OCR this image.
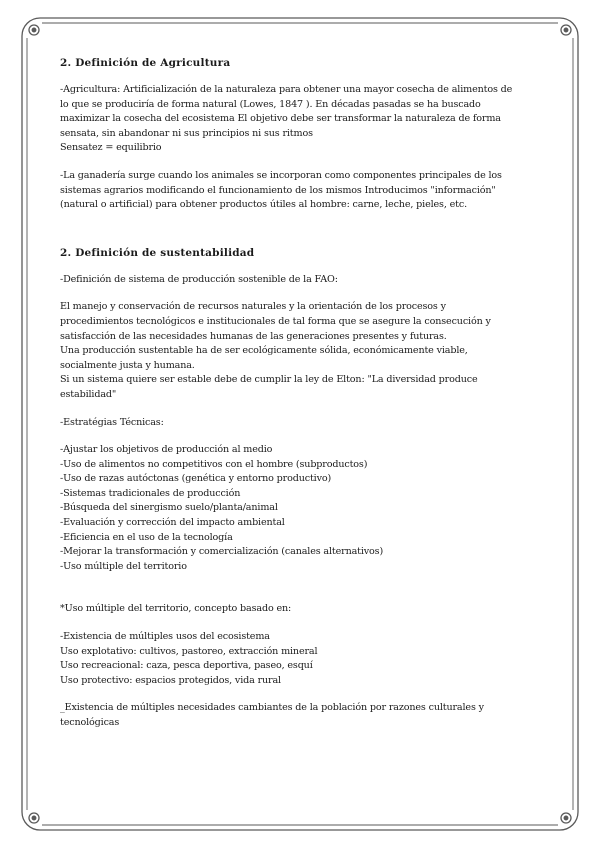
2. Definición de Agricultura
-Agricultura: Artificialización de la naturaleza para obtener una mayor cosecha de alimentos de
lo que se produciría de forma natural (Lowes, 1847 ). En décadas pasadas se ha buscado
maximizar la cosecha del ecosistema El objetivo debe ser transformar la naturaleza de forma
sensata, sin abandonar ni sus principios ni sus ritmos
Sensatez = equilibrio
-La ganadería surge cuando los animales se incorporan como componentes principales de los
sistemas agrarios modificando el funcionamiento de los mismos Introducimos "información"
(natural o artificial) para obtener productos útiles al hombre: carne, leche, pieles, etc.
2. Definición de sustentabilidad
-Definición de sistema de producción sostenible de la FAO:
El manejo y conservación de recursos naturales y la orientación de los procesos y
procedimientos tecnológicos e institucionales de tal forma que se asegure la consecución y
satisfacción de las necesidades humanas de las generaciones presentes y futuras.
Una producción sustentable ha de ser ecológicamente sólida, económicamente viable,
socialmente justa y humana.
Si un sistema quiere ser estable debe de cumplir la ley de Elton: "La diversidad produce
estabilidad"
-Estratégias Técnicas:
-Ajustar los objetivos de producción al medio
-Uso de alimentos no competitivos con el hombre (subproductos)
-Uso de razas autóctonas (genética y entorno productivo)
-Sistemas tradicionales de producción
-Búsqueda del sinergismo suelo/planta/animal
-Evaluación y corrección del impacto ambiental
-Eficiencia en el uso de la tecnología
-Mejorar la transformación y comercialización (canales alternativos)
-Uso múltiple del territorio
*Uso múltiple del territorio, concepto basado en:
-Existencia de múltiples usos del ecosistema
Uso explotativo: cultivos, pastoreo, extracción mineral
Uso recreacional: caza, pesca deportiva, paseo, esquí
Uso protectivo: espacios protegidos, vida rural
_Existencia de múltiples necesidades cambiantes de la población por razones culturales y
tecnológicas
